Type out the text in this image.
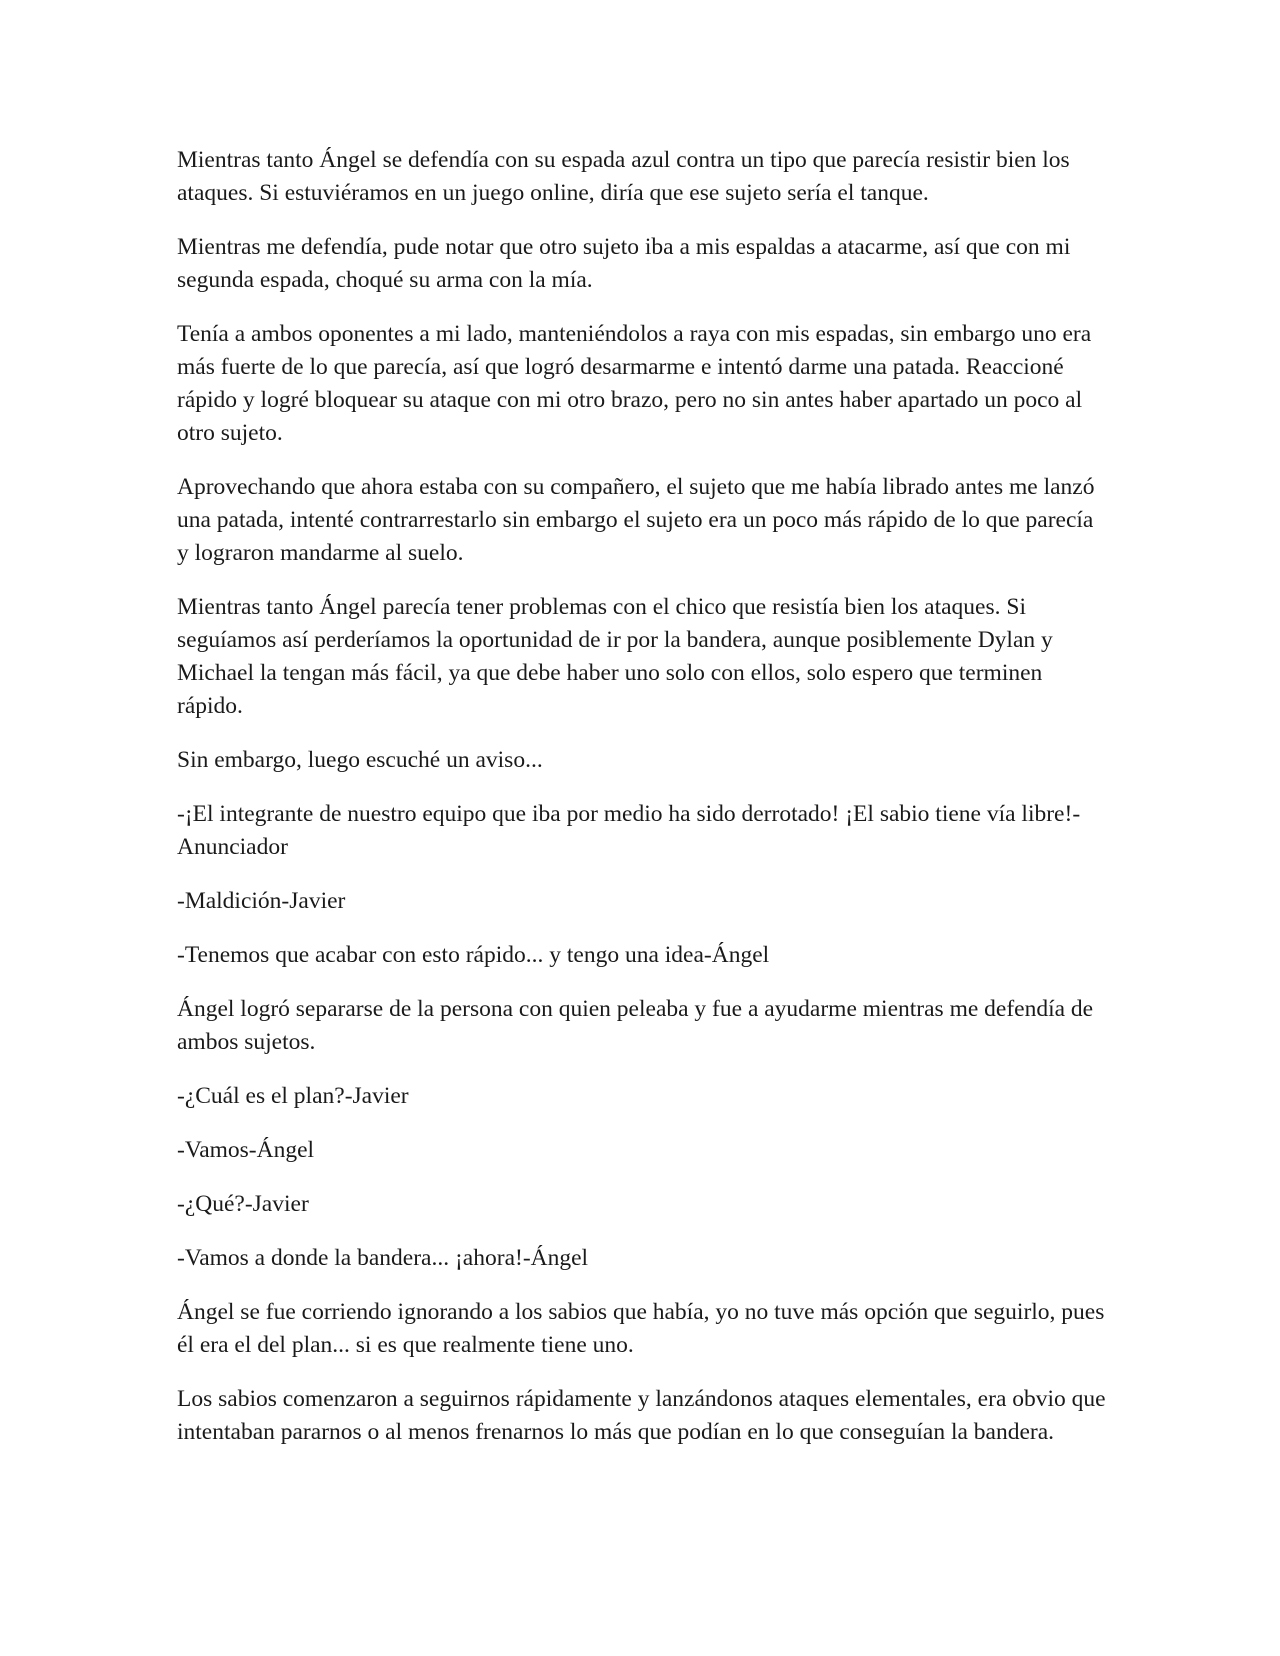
Mientras tanto Ángel se defendía con su espada azul contra un tipo que parecía resistir bien los ataques. Si estuviéramos en un juego online, diría que ese sujeto sería el tanque.

Mientras me defendía, pude notar que otro sujeto iba a mis espaldas a atacarme, así que con mi segunda espada, choqué su arma con la mía.

Tenía a ambos oponentes a mi lado, manteniéndolos a raya con mis espadas, sin embargo uno era más fuerte de lo que parecía, así que logró desarmarme e intentó darme una patada. Reaccioné rápido y logré bloquear su ataque con mi otro brazo, pero no sin antes haber apartado un poco al otro sujeto.

Aprovechando que ahora estaba con su compañero, el sujeto que me había librado antes me lanzó una patada, intenté contrarrestarlo sin embargo el sujeto era un poco más rápido de lo que parecía y lograron mandarme al suelo.

Mientras tanto Ángel parecía tener problemas con el chico que resistía bien los ataques. Si seguíamos así perderíamos la oportunidad de ir por la bandera, aunque posiblemente Dylan y Michael la tengan más fácil, ya que debe haber uno solo con ellos, solo espero que terminen rápido.

Sin embargo, luego escuché un aviso...

-¡El integrante de nuestro equipo que iba por medio ha sido derrotado! ¡El sabio tiene vía libre!-Anunciador

-Maldición-Javier

-Tenemos que acabar con esto rápido... y tengo una idea-Ángel

Ángel logró separarse de la persona con quien peleaba y fue a ayudarme mientras me defendía de ambos sujetos.

-¿Cuál es el plan?-Javier

-Vamos-Ángel

-¿Qué?-Javier

-Vamos a donde la bandera... ¡ahora!-Ángel

Ángel se fue corriendo ignorando a los sabios que había, yo no tuve más opción que seguirlo, pues él era el del plan... si es que realmente tiene uno.

Los sabios comenzaron a seguirnos rápidamente y lanzándonos ataques elementales, era obvio que intentaban pararnos o al menos frenarnos lo más que podían en lo que conseguían la bandera.
